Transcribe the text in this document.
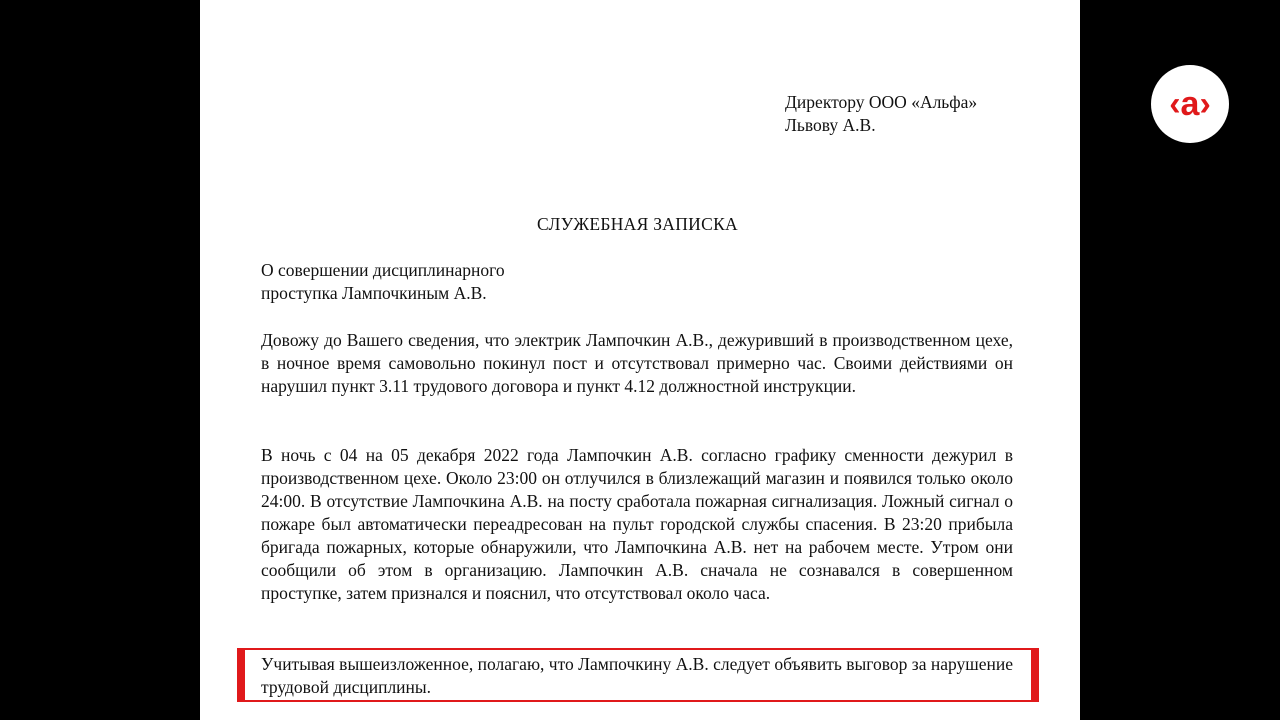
Директору ООО «Альфа»
Львову А.В.
СЛУЖЕБНАЯ ЗАПИСКА
О совершении дисциплинарного
проступка Лампочкиным А.В.

Довожу до Вашего сведения, что электрик Лампочкин А.В., дежуривший в производственном цехе, в ночное время самовольно покинул пост и отсутствовал примерно час. Своими действиями он нарушил пункт 3.11 трудового договора и пункт 4.12 должностной инструкции.

В ночь с 04 на 05 декабря 2022 года Лампочкин А.В. согласно графику сменности дежурил в производственном цехе. Около 23:00 он отлучился в близлежащий магазин и появился только около 24:00. В отсутствие Лампочкина А.В. на посту сработала пожарная сигнализация. Ложный сигнал о пожаре был автоматически переадресован на пульт городской службы спасения. В 23:20 прибыла бригада пожарных, которые обнаружили, что Лампочкина А.В. нет на рабочем месте. Утром они сообщили об этом в организацию. Лампочкин А.В. сначала не сознавался в совершенном проступке, затем признался и пояснил, что отсутствовал около часа.

Учитывая вышеизложенное, полагаю, что Лампочкину А.В. следует объявить выговор за нарушение трудовой дисциплины.

‹a›
